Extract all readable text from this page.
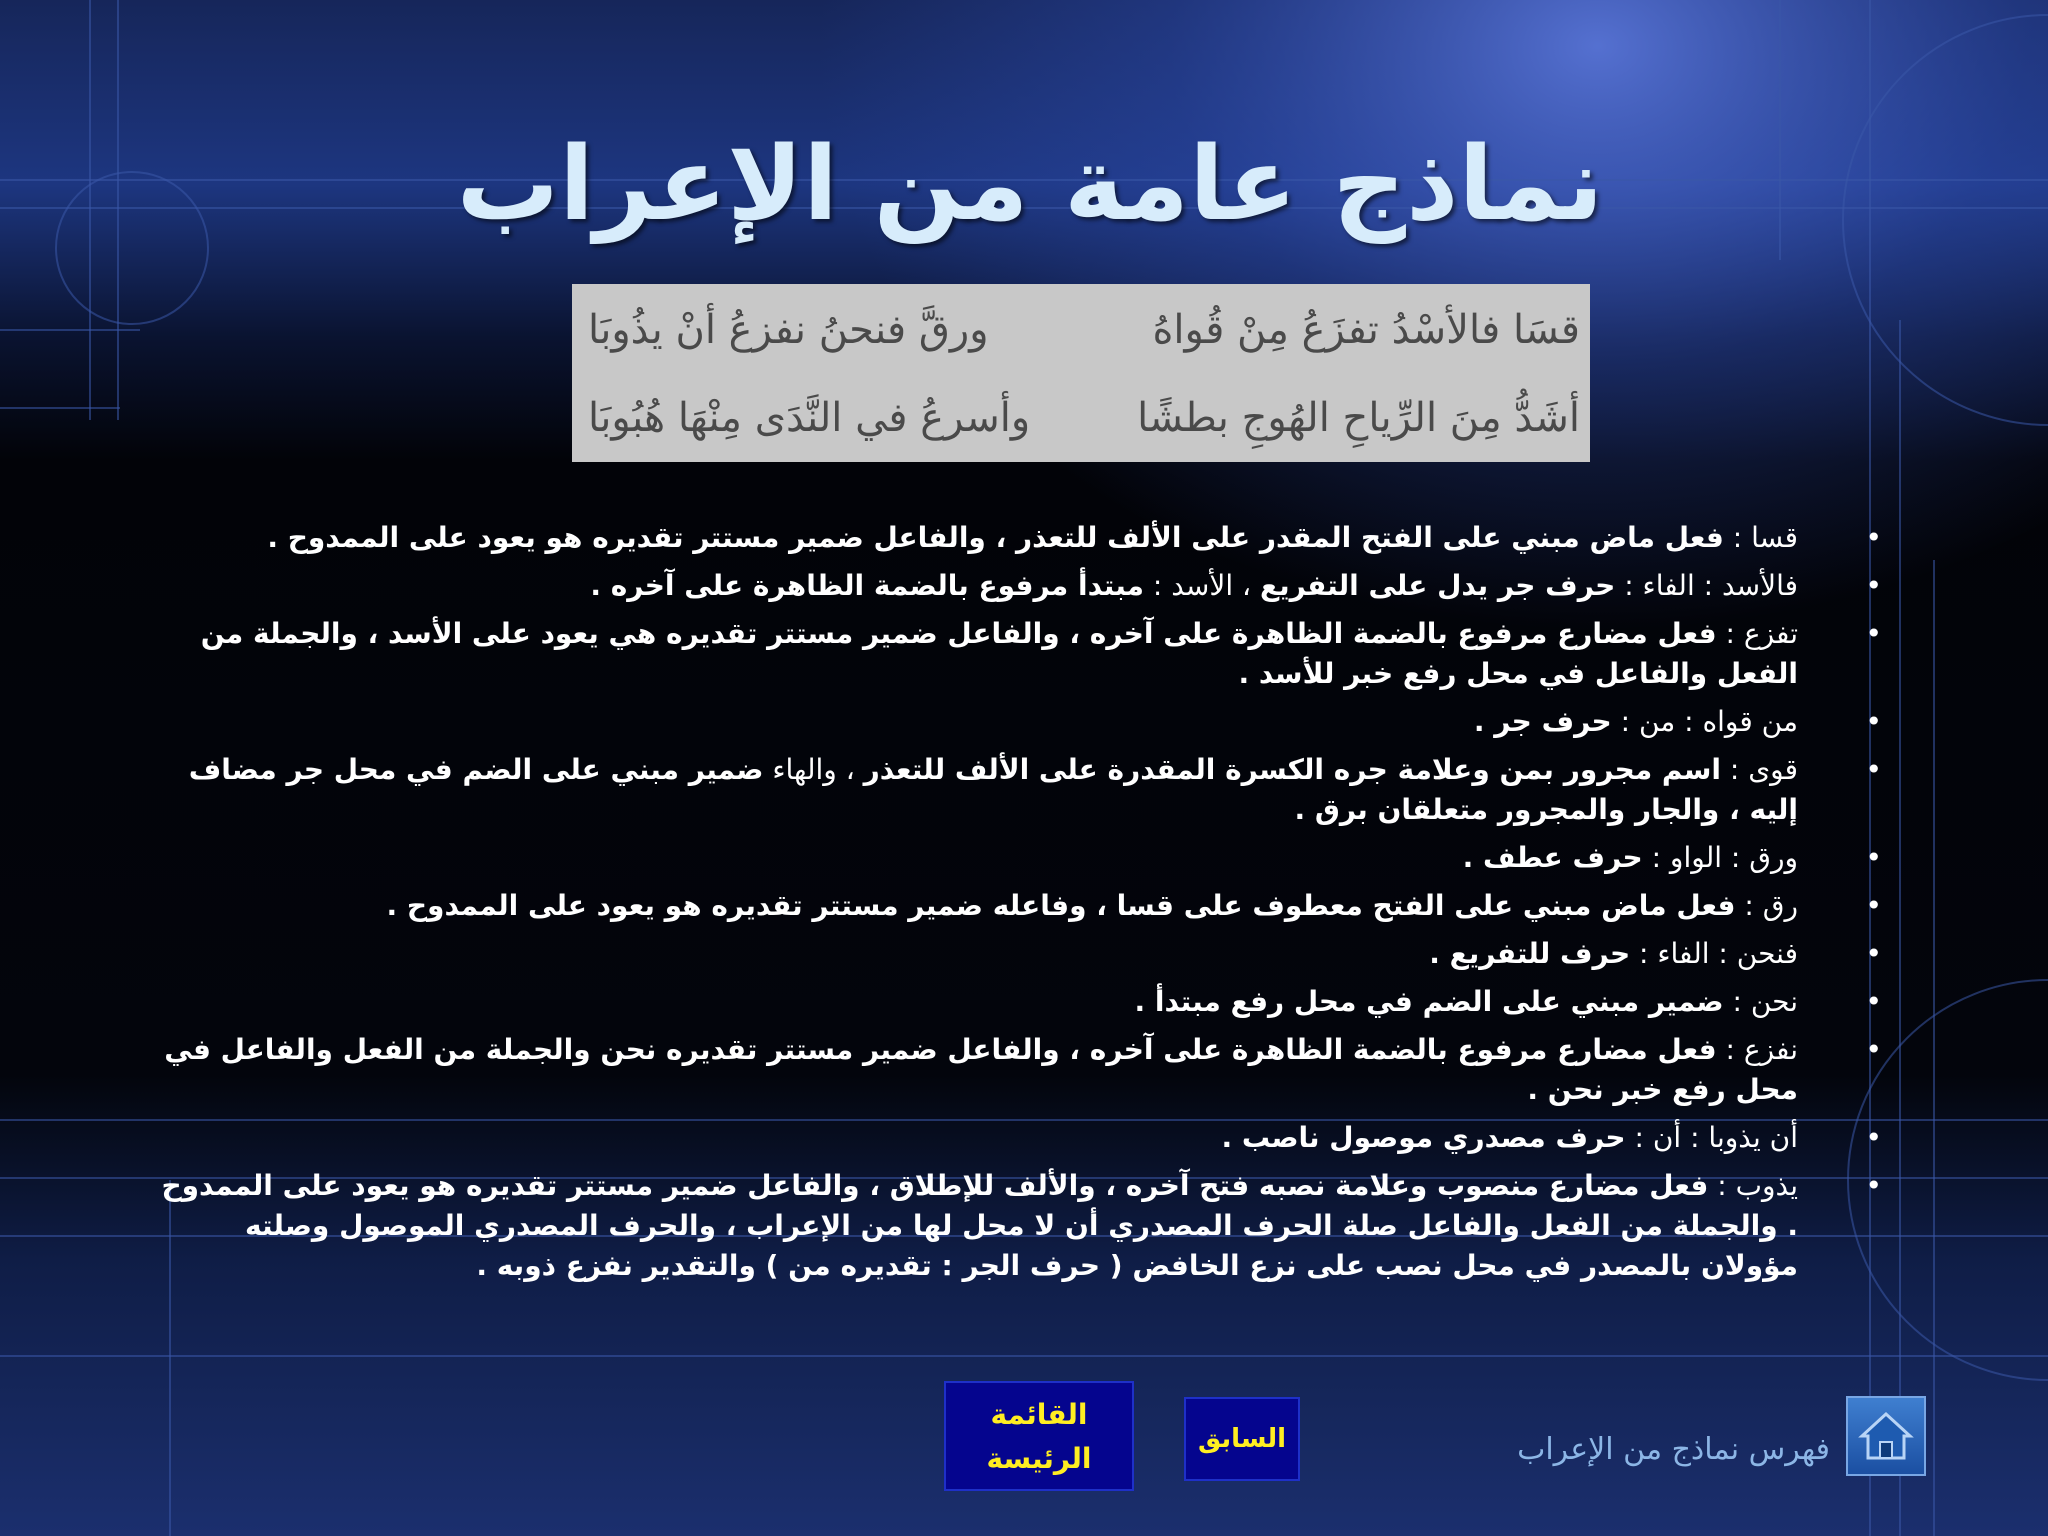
نماذج عامة من الإعراب
قسَا فالأسْدُ تفزَعُ مِنْ قُواهُ
ورقَّ فنحنُ نفزعُ أنْ يذُوبَا
أشَدُّ مِنَ الرِّياحِ الهُوجِ بطشًا
وأسرعُ في النَّدَى مِنْهَا هُبُوبَا
• قسا : فعل ماض مبني على الفتح المقدر على الألف للتعذر ، والفاعل ضمير مستتر تقديره هو يعود على الممدوح .
• فالأسد : الفاء : حرف جر يدل على التفريع ، الأسد : مبتدأ مرفوع بالضمة الظاهرة على آخره .
• تفزع : فعل مضارع مرفوع بالضمة الظاهرة على آخره ، والفاعل ضمير مستتر تقديره هي يعود على الأسد ، والجملة من الفعل والفاعل في محل رفع خبر للأسد .
• من قواه : من : حرف جر .
• قوى : اسم مجرور بمن وعلامة جره الكسرة المقدرة على الألف للتعذر ، والهاء ضمير مبني على الضم في محل جر مضاف إليه ، والجار والمجرور متعلقان برق .
• ورق : الواو : حرف عطف .
• رق : فعل ماض مبني على الفتح معطوف على قسا ، وفاعله ضمير مستتر تقديره هو يعود على الممدوح .
• فنحن : الفاء : حرف للتفريع .
• نحن : ضمير مبني على الضم في محل رفع مبتدأ .
• نفزع : فعل مضارع مرفوع بالضمة الظاهرة على آخره ، والفاعل ضمير مستتر تقديره نحن والجملة من الفعل والفاعل في محل رفع خبر نحن .
• أن يذوبا : أن : حرف مصدري موصول ناصب .
• يذوب : فعل مضارع منصوب وعلامة نصبه فتح آخره ، والألف للإطلاق ، والفاعل ضمير مستتر تقديره هو يعود على الممدوح . والجملة من الفعل والفاعل صلة الحرف المصدري أن لا محل لها من الإعراب ، والحرف المصدري الموصول وصلته مؤولان بالمصدر في محل نصب على نزع الخافض ( حرف الجر : تقديره من ) والتقدير نفزع ذوبه .
القائمة
الرئيسة
السابق	فهرس نماذج من الإعراب
